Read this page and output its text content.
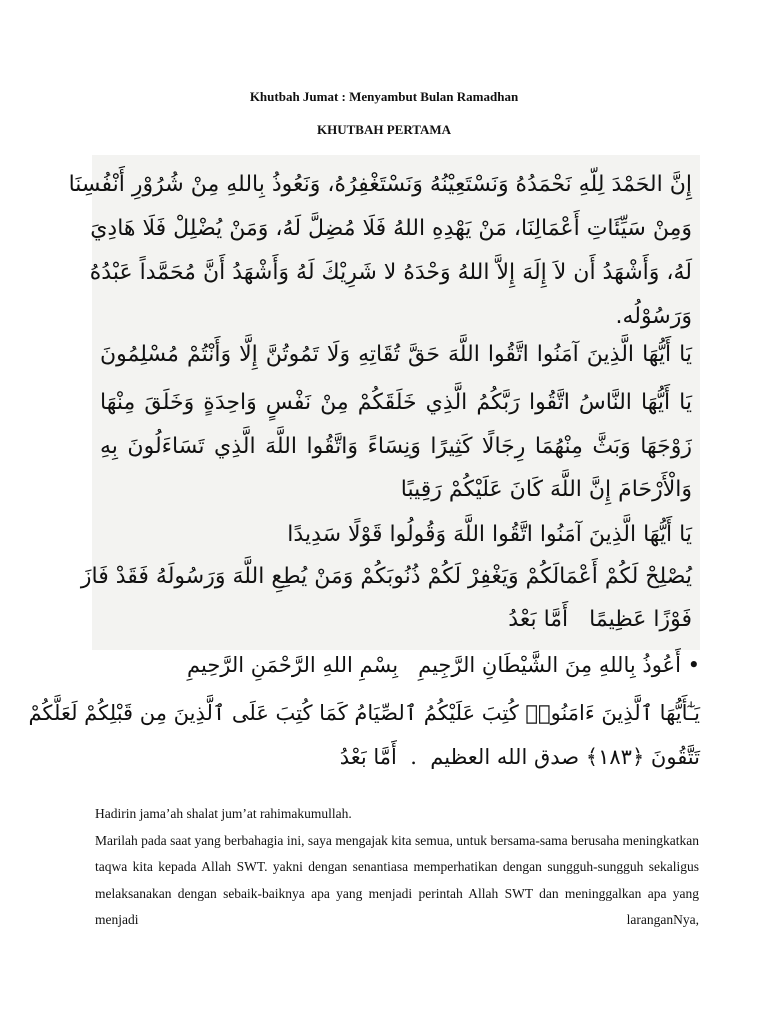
Khutbah Jumat : Menyambut Bulan Ramadhan
KHUTBAH PERTAMA
إِنَّ الحَمْدَ لِلّهِ نَحْمَدُهُ وَنَسْتَعِيْنُهُ وَنَسْتَغْفِرُهُ، وَنَعُوذُ بِاللهِ مِنْ شُرُوْرِ أَنْفُسِنَا
وَمِنْ سَيِّئَاتِ أَعْمَالِنَا، مَنْ يَهْدِهِ اللهُ فَلَا مُضِلَّ لَهُ، وَمَنْ يُضْلِلْ فَلَا هَادِيَ
لَهُ، وَأَشْهَدُ أَن لاَ إِلَهَ إِلاَّ اللهُ وَحْدَهُ لا شَرِيْكَ لَهُ وَأَشْهَدُ أَنَّ مُحَمَّداً عَبْدُهُ
وَرَسُوْلُه.
يَا أَيُّهَا الَّذِينَ آمَنُوا اتَّقُوا اللَّهَ حَقَّ تُقَاتِهِ وَلَا تَمُوتُنَّ إِلَّا وَأَنْتُمْ مُسْلِمُونَ
يَا أَيُّهَا النَّاسُ اتَّقُوا رَبَّكُمُ الَّذِي خَلَقَكُمْ مِنْ نَفْسٍ وَاحِدَةٍ وَخَلَقَ مِنْهَا
زَوْجَهَا وَبَثَّ مِنْهُمَا رِجَالًا كَثِيرًا وَنِسَاءً وَاتَّقُوا اللَّهَ الَّذِي تَسَاءَلُونَ بِهِ
وَالْأَرْحَامَ إِنَّ اللَّهَ كَانَ عَلَيْكُمْ رَقِيبًا
يَا أَيُّهَا الَّذِينَ آمَنُوا اتَّقُوا اللَّهَ وَقُولُوا قَوْلًا سَدِيدًا
يُصْلِحْ لَكُمْ أَعْمَالَكُمْ وَيَغْفِرْ لَكُمْ ذُنُوبَكُمْ وَمَنْ يُطِعِ اللَّهَ وَرَسُولَهُ فَقَدْ فَازَ
فَوْزًا عَظِيمًا   أَمَّا بَعْدُ
• أَعُوذُ بِاللهِ مِنَ الشَّيْطَانِ الرَّجِيمِ   بِسْمِ اللهِ الرَّحْمَنِ الرَّحِيمِ
يَـٰٓأَيُّهَا ٱلَّذِينَ ءَامَنُوا۟ كُتِبَ عَلَيْكُمُ ٱلصِّيَامُ كَمَا كُتِبَ عَلَى ٱلَّذِينَ مِن قَبْلِكُمْ لَعَلَّكُمْ
تَتَّقُونَ ﴿١٨٣﴾ صدق الله العظيم  .  أَمَّا بَعْدُ

Hadirin jama’ah shalat jum’at rahimakumullah.

Marilah pada saat yang berbahagia ini, saya mengajak kita semua, untuk bersama-sama berusaha meningkatkan taqwa kita kepada Allah SWT. yakni dengan senantiasa memperhatikan dengan sungguh-sungguh sekaligus melaksanakan dengan sebaik-baiknya apa yang menjadi perintah Allah SWT dan meninggalkan apa yang menjadi laranganNya,
